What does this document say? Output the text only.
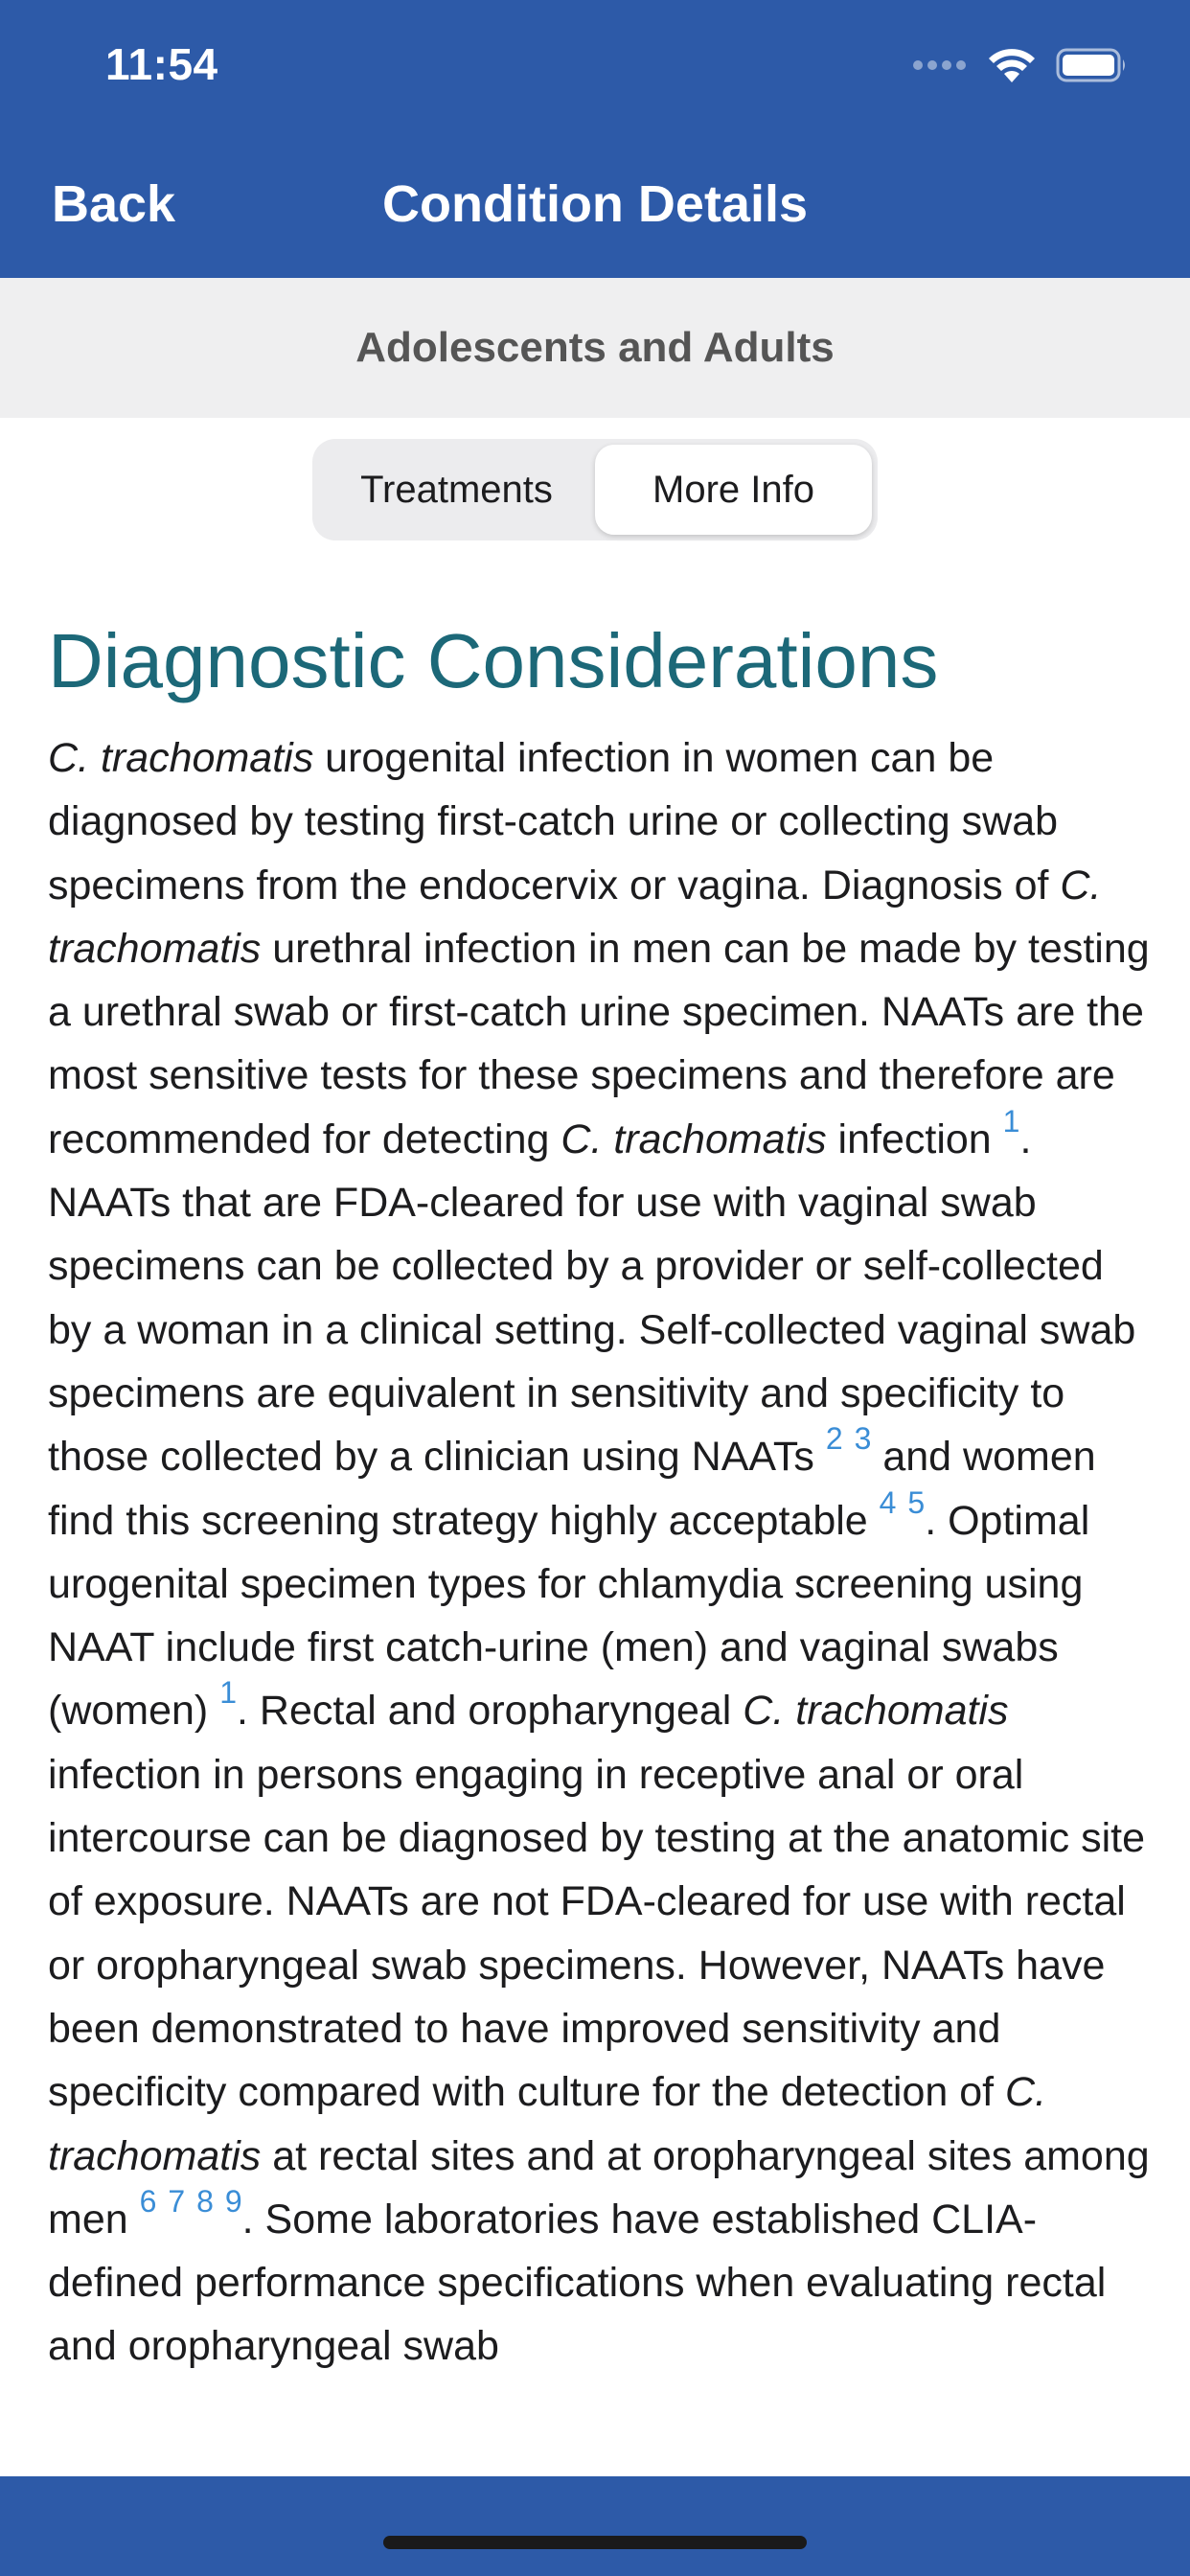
11:54
Condition Details
Back
Adolescents and Adults
Treatments	More Info
Diagnostic Considerations

C. trachomatis urogenital infection in women can be diagnosed by testing first-catch urine or collecting swab specimens from the endocervix or vagina. Diagnosis of C. trachomatis urethral infection in men can be made by testing a urethral swab or first-catch urine specimen. NAATs are the most sensitive tests for these specimens and therefore are recommended for detecting C. trachomatis infection $^1$. NAATs that are FDA-cleared for use with vaginal swab specimens can be collected by a provider or self-collected by a woman in a clinical setting. Self-collected vaginal swab specimens are equivalent in sensitivity and specificity to those collected by a clinician using NAATs $^2$ $^3$ and women find this screening strategy highly acceptable $^4$ $^5$. Optimal urogenital specimen types for chlamydia screening using NAAT include first catch-urine (men) and vaginal swabs (women) $^1$. Rectal and oropharyngeal C. trachomatis infection in persons engaging in receptive anal or oral intercourse can be diagnosed by testing at the anatomic site of exposure. NAATs are not FDA-cleared for use with rectal or oropharyngeal swab specimens. However, NAATs have been demonstrated to have improved sensitivity and specificity compared with culture for the detection of C. trachomatis at rectal sites and at oropharyngeal sites among men $^6$ $^7$ $^8$ $^9$. Some laboratories have established CLIA-defined performance specifications when evaluating rectal and oropharyngeal swab
